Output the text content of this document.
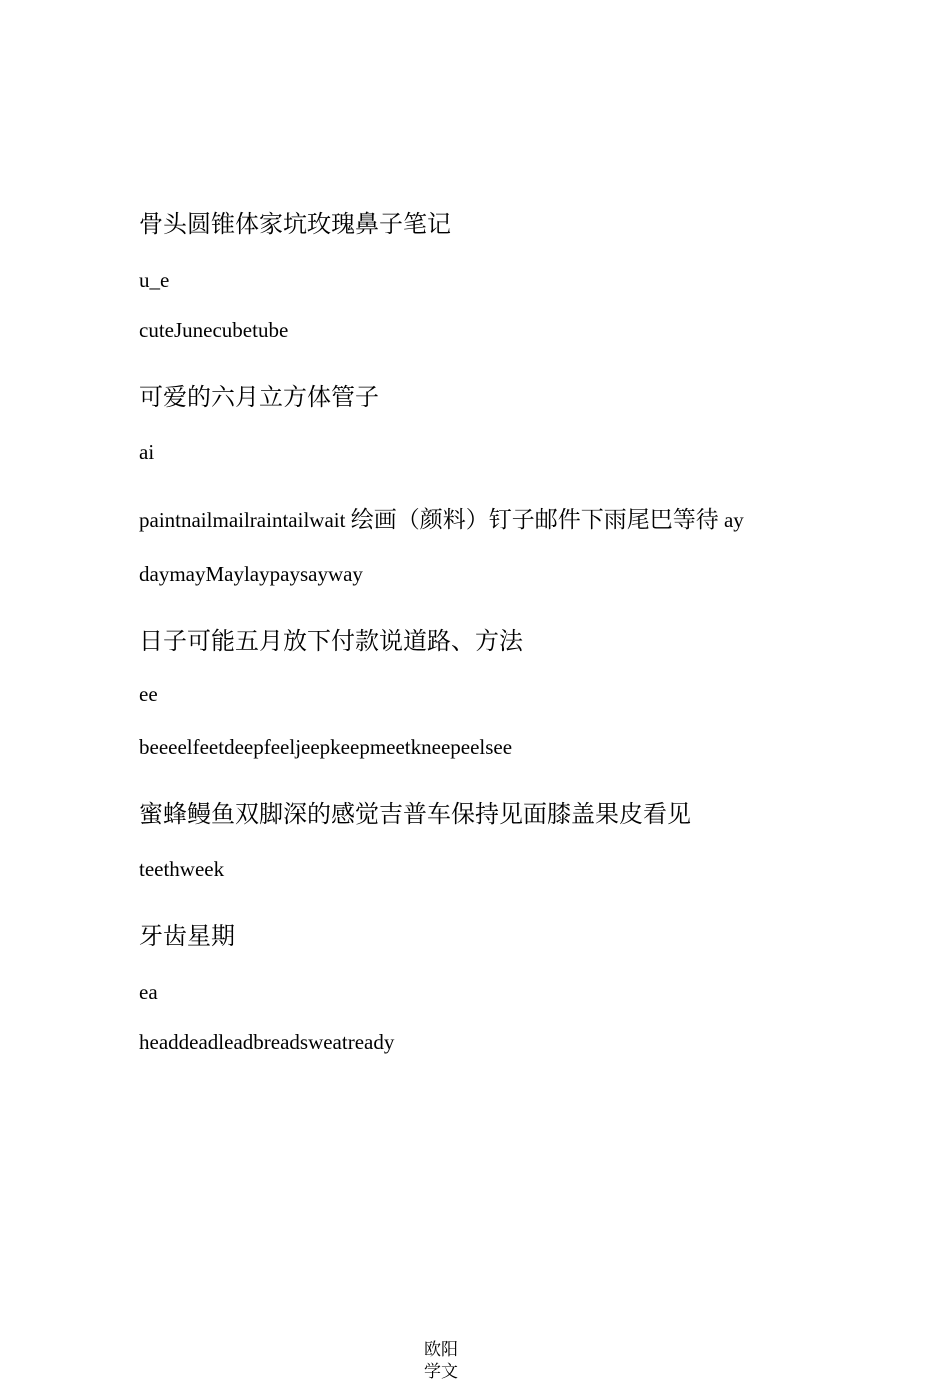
骨头圆锥体家坑玫瑰鼻子笔记
u_e
cuteJunecubetube
可爱的六月立方体管子
ai
paintnailmailraintailwait 绘画（颜料）钉子邮件下雨尾巴等待 ay
daymayMaylaypaysayway
日子可能五月放下付款说道路、方法
ee
beeeelfeetdeepfeeljeepkeepmeetkneepeelsee
蜜蜂鳗鱼双脚深的感觉吉普车保持见面膝盖果皮看见
teethweek
牙齿星期
ea
headdeadleadbreadsweatready
欧阳
学文
